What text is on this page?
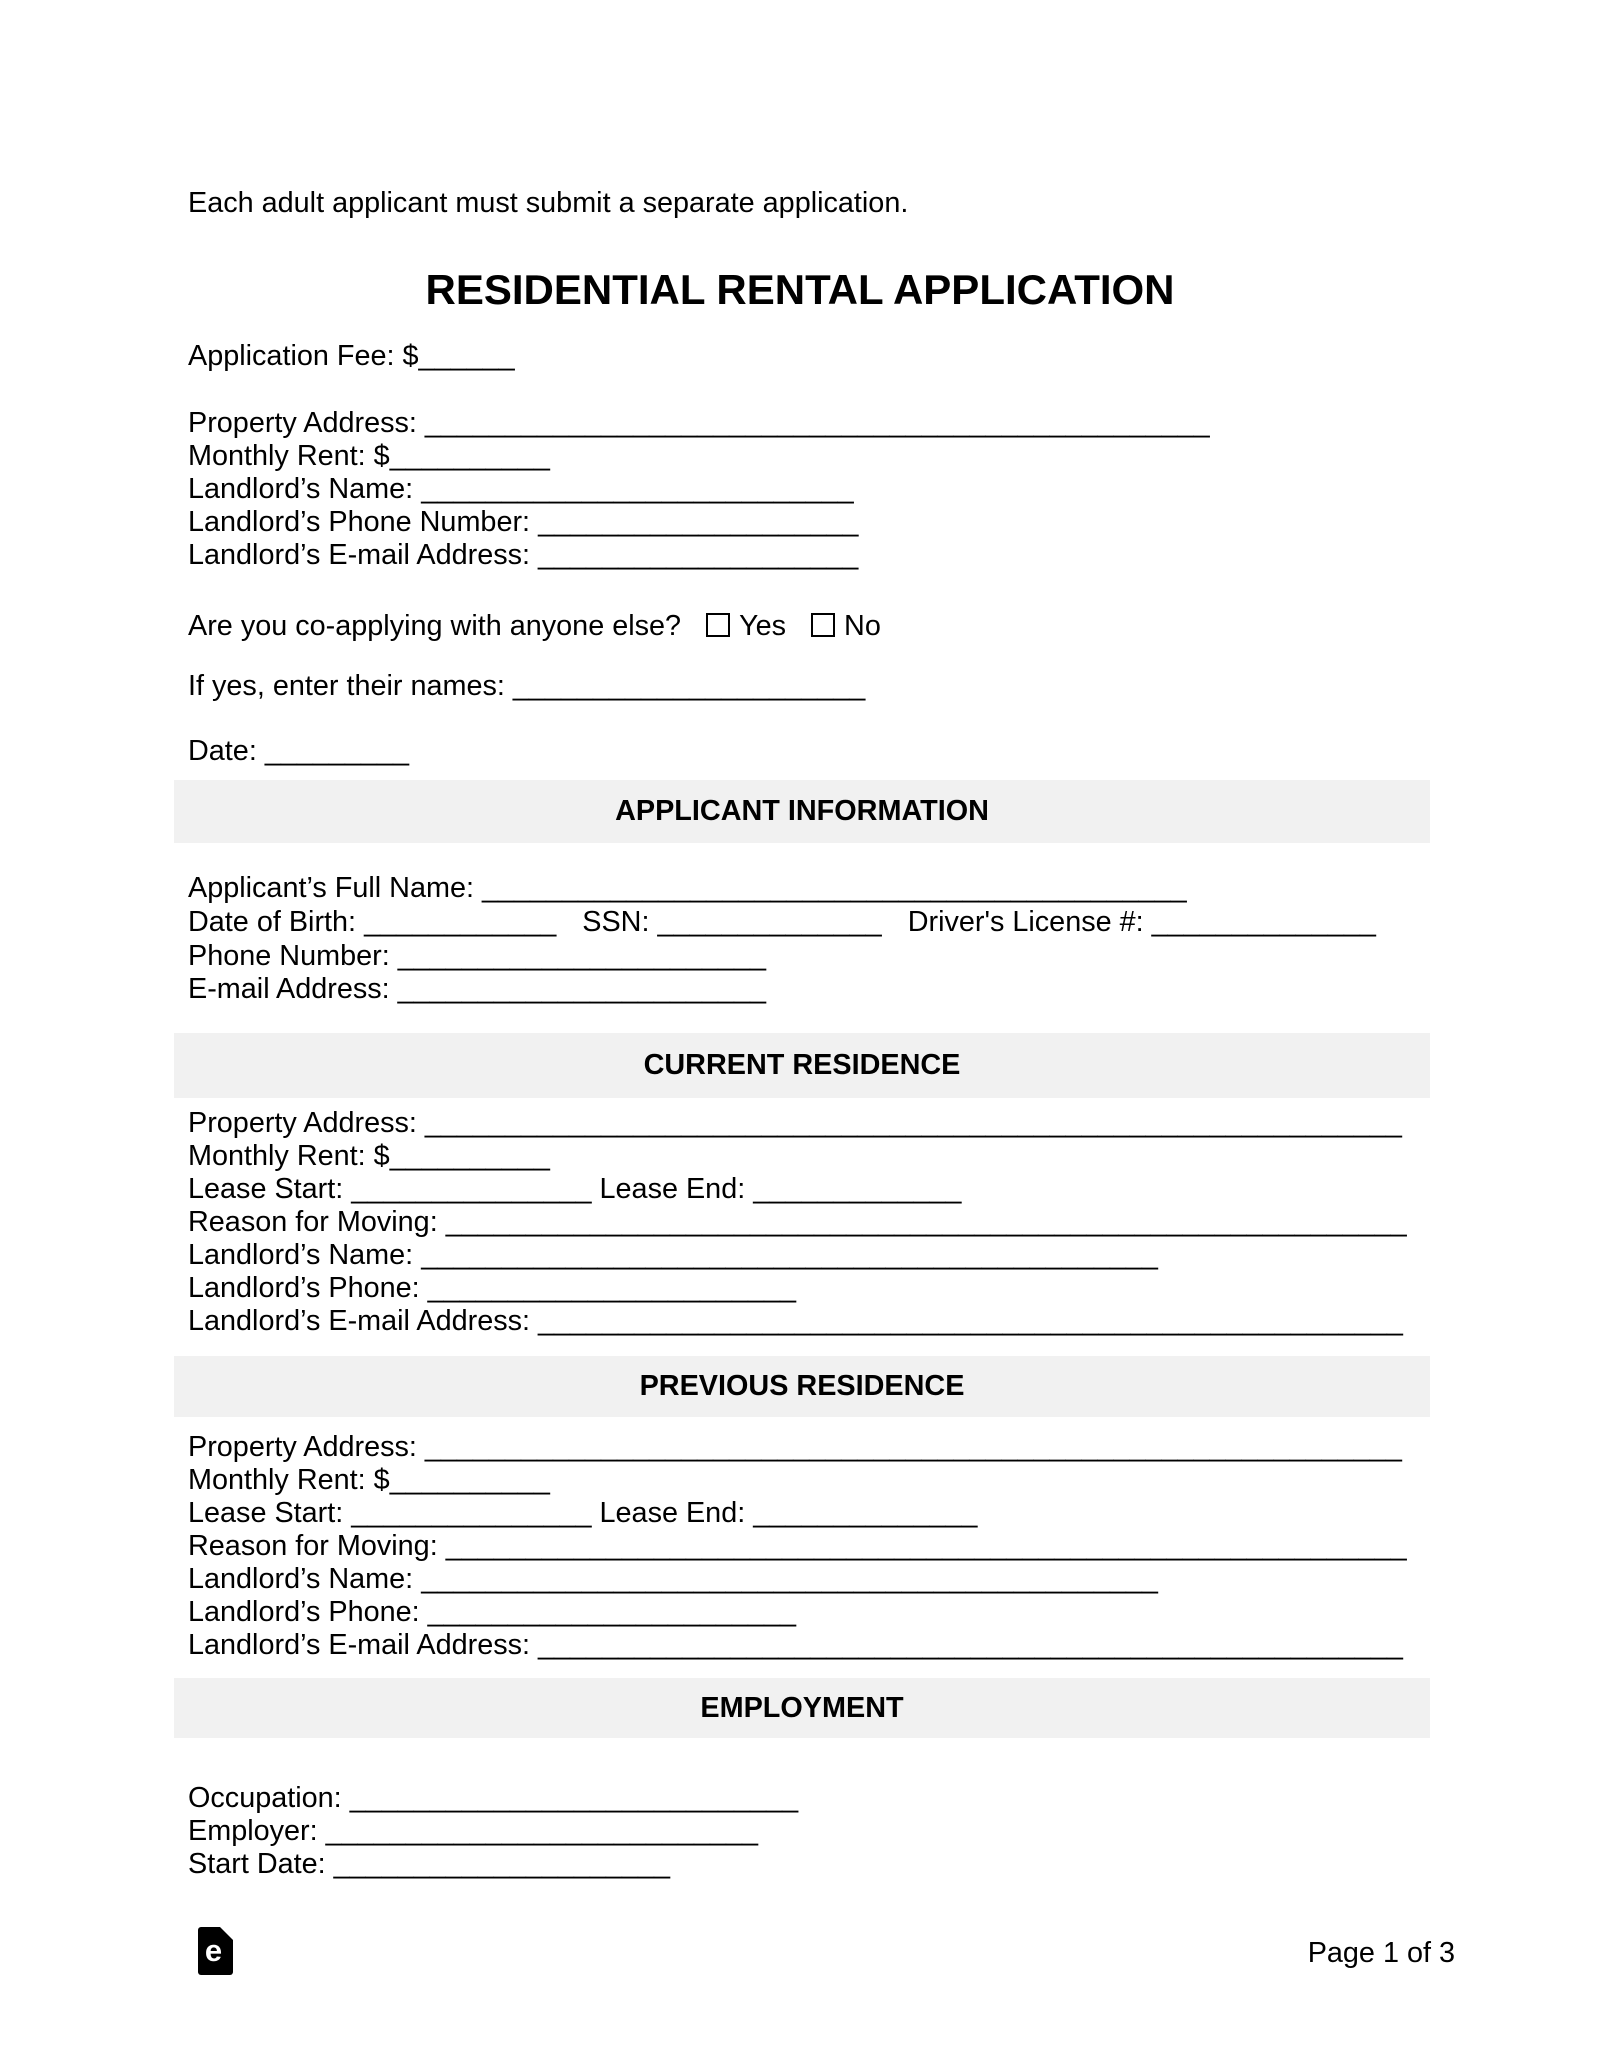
Each adult applicant must submit a separate application.
RESIDENTIAL RENTAL APPLICATION
Application Fee: $______
Property Address: _________________________________________________
Monthly Rent: $__________
Landlord’s Name: ___________________________
Landlord’s Phone Number: ____________________
Landlord’s E-mail Address: ____________________
Are you co-applying with anyone else? Yes No
If yes, enter their names: ______________________
Date: _________
APPLICANT INFORMATION
Applicant’s Full Name: ____________________________________________
Date of Birth: ____________ SSN: ______________ Driver's License #: ______________
Phone Number: _______________________
E-mail Address: _______________________
CURRENT RESIDENCE
Property Address: _____________________________________________________________
Monthly Rent: $__________
Lease Start: _______________ Lease End: _____________
Reason for Moving: ____________________________________________________________
Landlord’s Name: ______________________________________________
Landlord’s Phone: _______________________
Landlord’s E-mail Address: ______________________________________________________
PREVIOUS RESIDENCE
Property Address: _____________________________________________________________
Monthly Rent: $__________
Lease Start: _______________ Lease End: ______________
Reason for Moving: ____________________________________________________________
Landlord’s Name: ______________________________________________
Landlord’s Phone: _______________________
Landlord’s E-mail Address: ______________________________________________________
EMPLOYMENT
Occupation: ____________________________
Employer: ___________________________
Start Date: _____________________
e	Page 1 of 3
